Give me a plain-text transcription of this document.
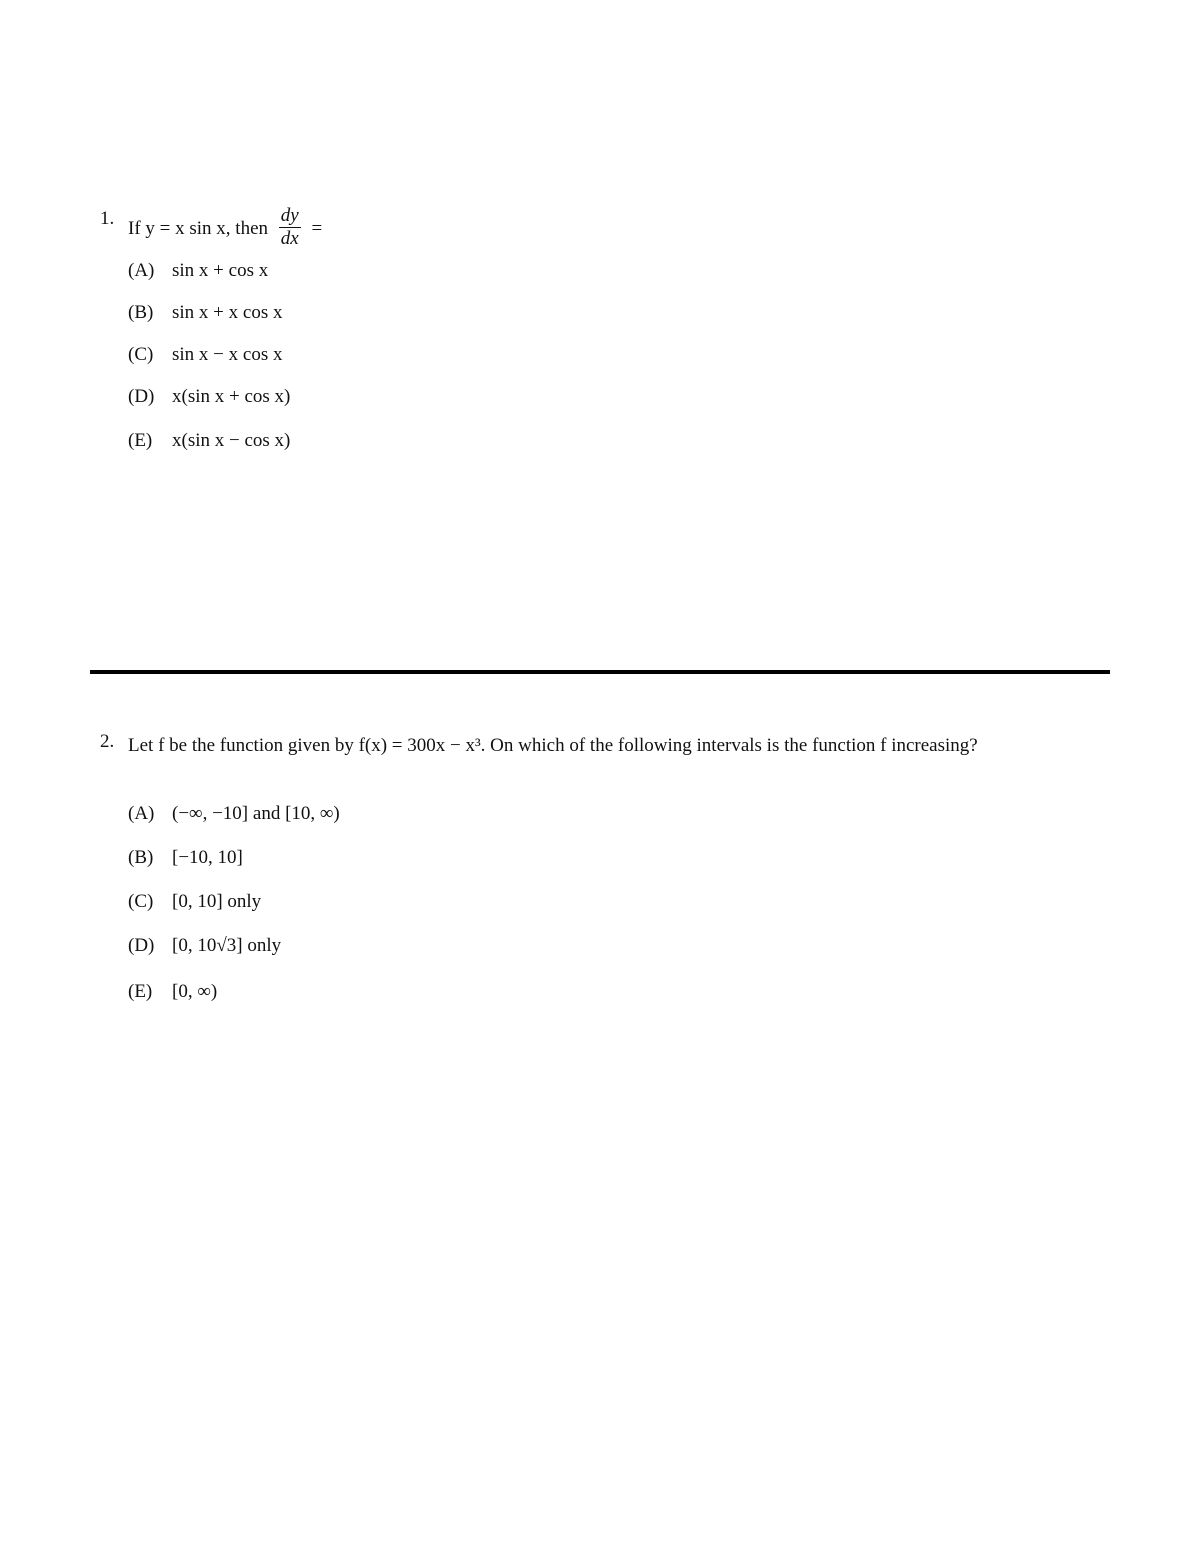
1. If y = x sin x, then $\frac{dy}{dx}$ =
(A) sin x + cos x
(B) sin x + x cos x
(C) sin x − x cos x
(D) x(sin x + cos x)
(E) x(sin x − cos x)
2. Let f be the function given by f(x) = 300x − x³. On which of the following intervals is the function f increasing?
(A) (−∞, −10] and [10, ∞)
(B) [−10, 10]
(C) [0, 10] only
(D) [0, 10√3] only
(E) [0, ∞)
